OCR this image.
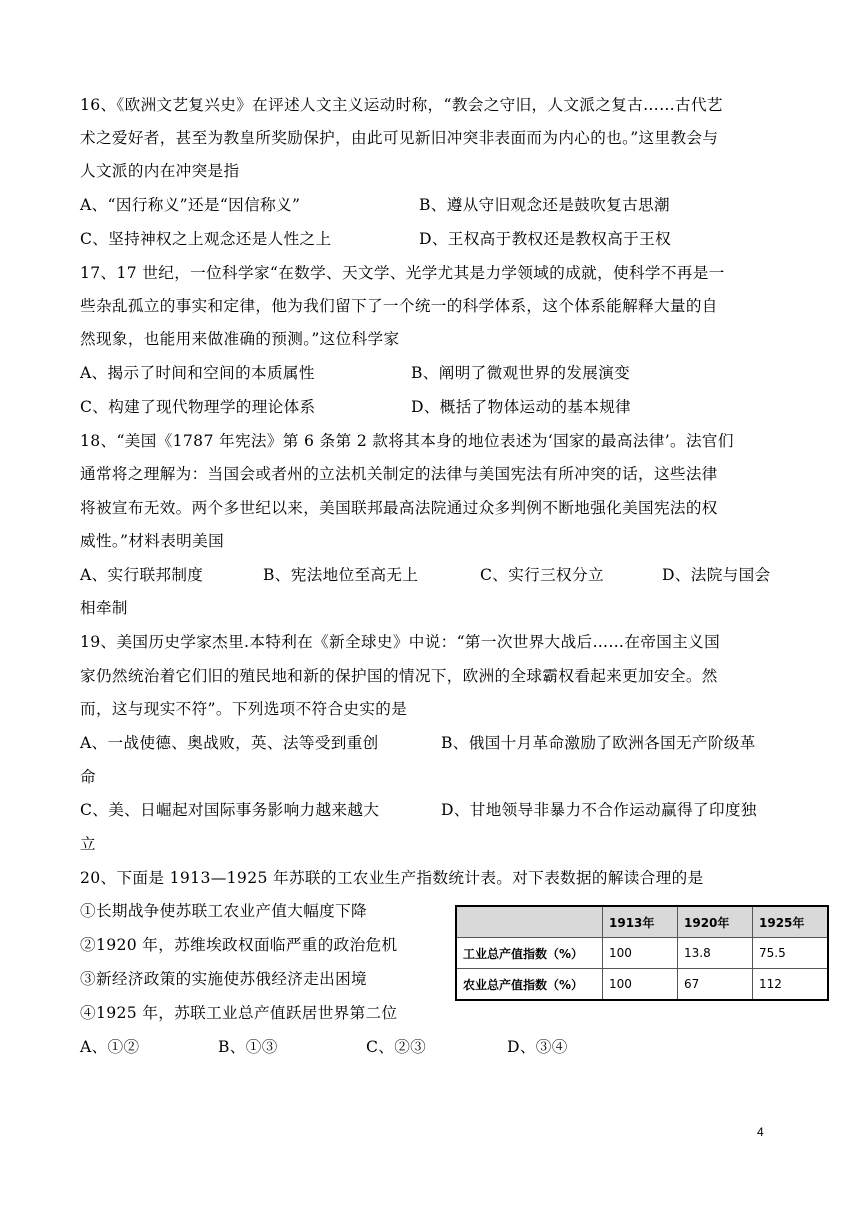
16、《欧洲文艺复兴史》在评述人文主义运动时称，“教会之守旧，人文派之复古……古代艺
术之爱好者，甚至为教皇所奖励保护，由此可见新旧冲突非表面而为内心的也。”这里教会与
人文派的内在冲突是指
A、“因行称义”还是“因信称义”	B、遵从守旧观念还是鼓吹复古思潮
C、坚持神权之上观念还是人性之上	D、王权高于教权还是教权高于王权
17、17 世纪，一位科学家“在数学、天文学、光学尤其是力学领域的成就，使科学不再是一
些杂乱孤立的事实和定律，他为我们留下了一个统一的科学体系，这个体系能解释大量的自
然现象，也能用来做准确的预测。”这位科学家
A、揭示了时间和空间的本质属性	B、阐明了微观世界的发展演变
C、构建了现代物理学的理论体系	D、概括了物体运动的基本规律
18、“美国《1787 年宪法》第 6 条第 2 款将其本身的地位表述为‘国家的最高法律’。法官们
通常将之理解为：当国会或者州的立法机关制定的法律与美国宪法有所冲突的话，这些法律
将被宣布无效。两个多世纪以来，美国联邦最高法院通过众多判例不断地强化美国宪法的权
威性。”材料表明美国
A、实行联邦制度	B、宪法地位至高无上	C、实行三权分立	D、法院与国会
相牵制
19、美国历史学家杰里.本特利在《新全球史》中说：“第一次世界大战后……在帝国主义国
家仍然统治着它们旧的殖民地和新的保护国的情况下，欧洲的全球霸权看起来更加安全。然
而，这与现实不符”。下列选项不符合史实的是
A、一战使德、奥战败，英、法等受到重创	B、俄国十月革命激励了欧洲各国无产阶级革
命
C、美、日崛起对国际事务影响力越来越大	D、甘地领导非暴力不合作运动赢得了印度独
立
20、下面是 1913—1925 年苏联的工农业生产指数统计表。对下表数据的解读合理的是
①长期战争使苏联工农业产值大幅度下降
②1920 年，苏维埃政权面临严重的政治危机
③新经济政策的实施使苏俄经济走出困境
④1925 年，苏联工业总产值跃居世界第二位
A、①②	B、①③	C、②③	D、③④
	1913年	1920年	1925年
工业总产值指数（%）	100	13.8	75.5
农业总产值指数（%）	100	67	112
4
